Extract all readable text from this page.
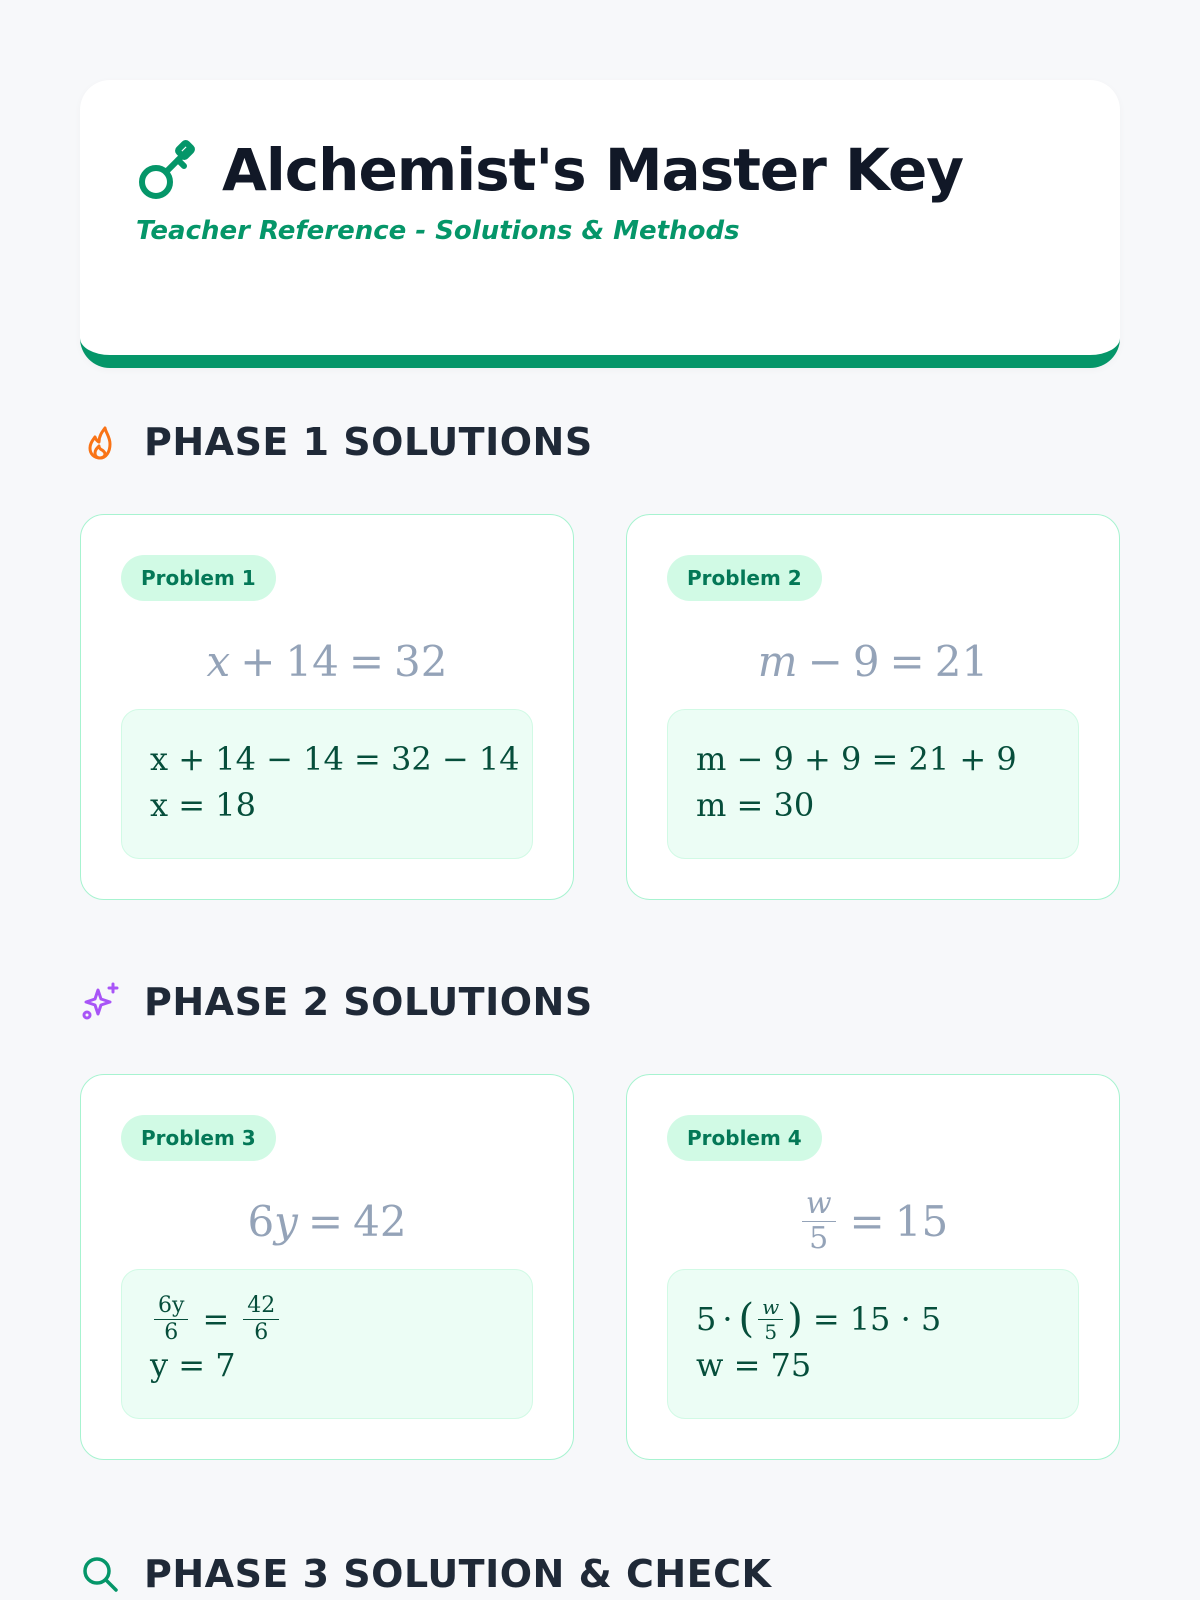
Alchemist's Master Key
Teacher Reference - Solutions & Methods
PHASE 1 SOLUTIONS
Problem 1
x + 14 = 32
x + 14 − 14 = 32 − 14
x = 18
Problem 2
m − 9 = 21
m − 9 + 9 = 21 + 9
m = 30
PHASE 2 SOLUTIONS
Problem 3
6 y = 42
$\frac{6y}{6} = \frac{42}{6}$
y = 7
Problem 4
$\frac{w}{5} = 15$
5 · ( $\frac{w}{5}$ ) = 15 · 5
w = 75
PHASE 3 SOLUTION & CHECK
